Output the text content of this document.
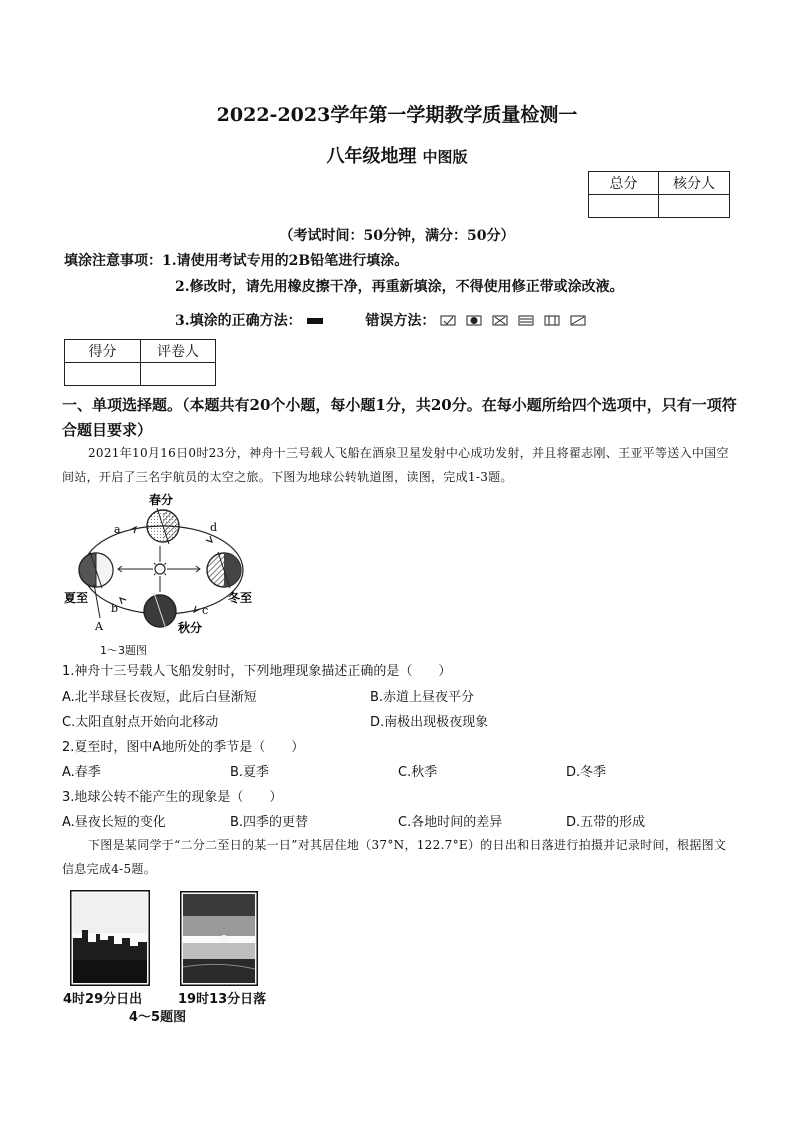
2022-2023学年第一学期教学质量检测一
八年级地理 中图版
总分	核分人

（考试时间：50分钟，满分：50分）
填涂注意事项：1.请使用考试专用的2B铅笔进行填涂。
2.修改时，请先用橡皮擦干净，再重新填涂，不得使用修正带或涂改液。
3.填涂的正确方法：	错误方法：
得分	评卷人

一、单项选择题。（本题共有20个小题，每小题1分，共20分。在每小题所给四个选项中，只有一项符合题目要求）
2021年10月16日0时23分，神舟十三号载人飞船在酒泉卫星发射中心成功发射，并且将翟志刚、王亚平等送入中国空间站，开启了三名宇航员的太空之旅。下图为地球公转轨道图，读图，完成1-3题。
春分
夏至	冬至
秋分
a
b	c
d
A
1～3题图
1.神舟十三号载人飞船发射时，下列地理现象描述正确的是（　　）
A.北半球昼长夜短，此后白昼渐短	B.赤道上昼夜平分
C.太阳直射点开始向北移动	D.南极出现极夜现象
2.夏至时，图中A地所处的季节是（　　）
A.春季	B.夏季	C.秋季	D.冬季
3.地球公转不能产生的现象是（　　）
A.昼夜长短的变化	B.四季的更替	C.各地时间的差异	D.五带的形成
下图是某同学于“二分二至日的某一日”对其居住地（37°N，122.7°E）的日出和日落进行拍摄并记录时间，根据图文信息完成4-5题。
4时29分日出	19时13分日落
4～5题图
